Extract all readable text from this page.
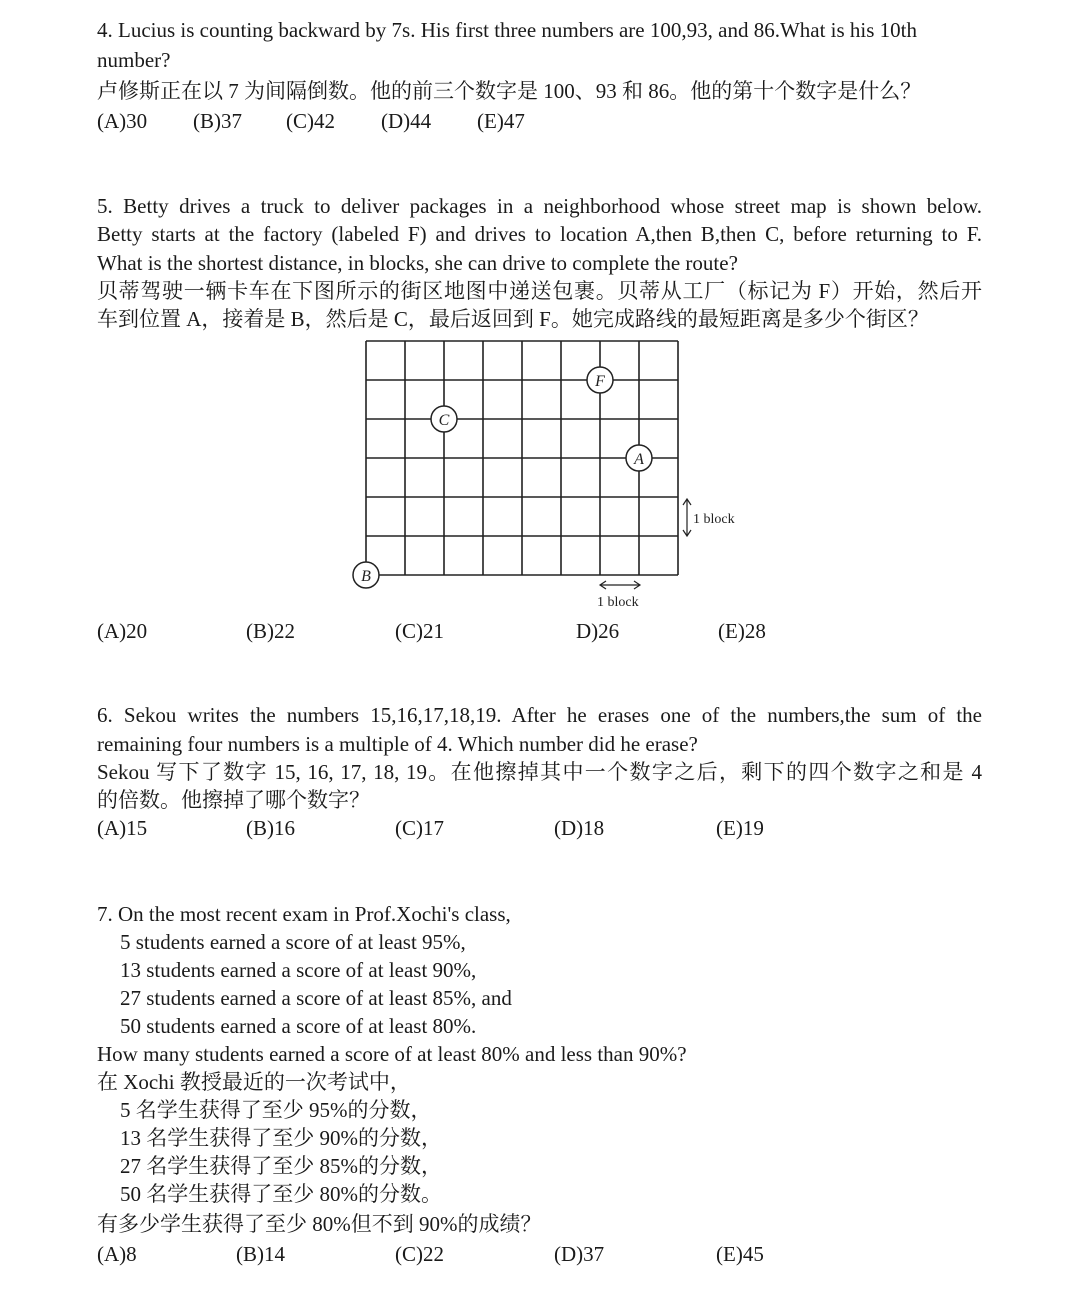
4. Lucius is counting backward by 7s. His first three numbers are 100,93, and 86.What is his 10th
number?
卢修斯正在以 7 为间隔倒数。他的前三个数字是 100、93 和 86。他的第十个数字是什么？
(A)30 (B)37 (C)42 (D)44 (E)47
5. Betty drives a truck to deliver packages in a neighborhood whose street map is shown below.
Betty starts at the factory (labeled F) and drives to location A,then B,then C, before returning to F.
What is the shortest distance, in blocks, she can drive to complete the route?
贝蒂驾驶一辆卡车在下图所示的街区地图中递送包裹。贝蒂从工厂（标记为 F）开始，然后开
车到位置 A，接着是 B，然后是 C，最后返回到 F。她完成路线的最短距离是多少个街区？
F
C
A
B
1 block
1 block
(A)20	(B)22	(C)21	D)26	(E)28
6. Sekou writes the numbers 15,16,17,18,19. After he erases one of the numbers,the sum of the
remaining four numbers is a multiple of 4. Which number did he erase?
Sekou 写下了数字 15, 16, 17, 18, 19。在他擦掉其中一个数字之后，剩下的四个数字之和是 4
的倍数。他擦掉了哪个数字？
(A)15	(B)16	(C)17	(D)18	(E)19
7. On the most recent exam in Prof.Xochi's class,
5 students earned a score of at least 95%,
13 students earned a score of at least 90%,
27 students earned a score of at least 85%, and
50 students earned a score of at least 80%.
How many students earned a score of at least 80% and less than 90%?
在 Xochi 教授最近的一次考试中，
5 名学生获得了至少 95%的分数，
13 名学生获得了至少 90%的分数，
27 名学生获得了至少 85%的分数，
50 名学生获得了至少 80%的分数。
有多少学生获得了至少 80%但不到 90%的成绩？
(A)8	(B)14	(C)22	(D)37	(E)45
